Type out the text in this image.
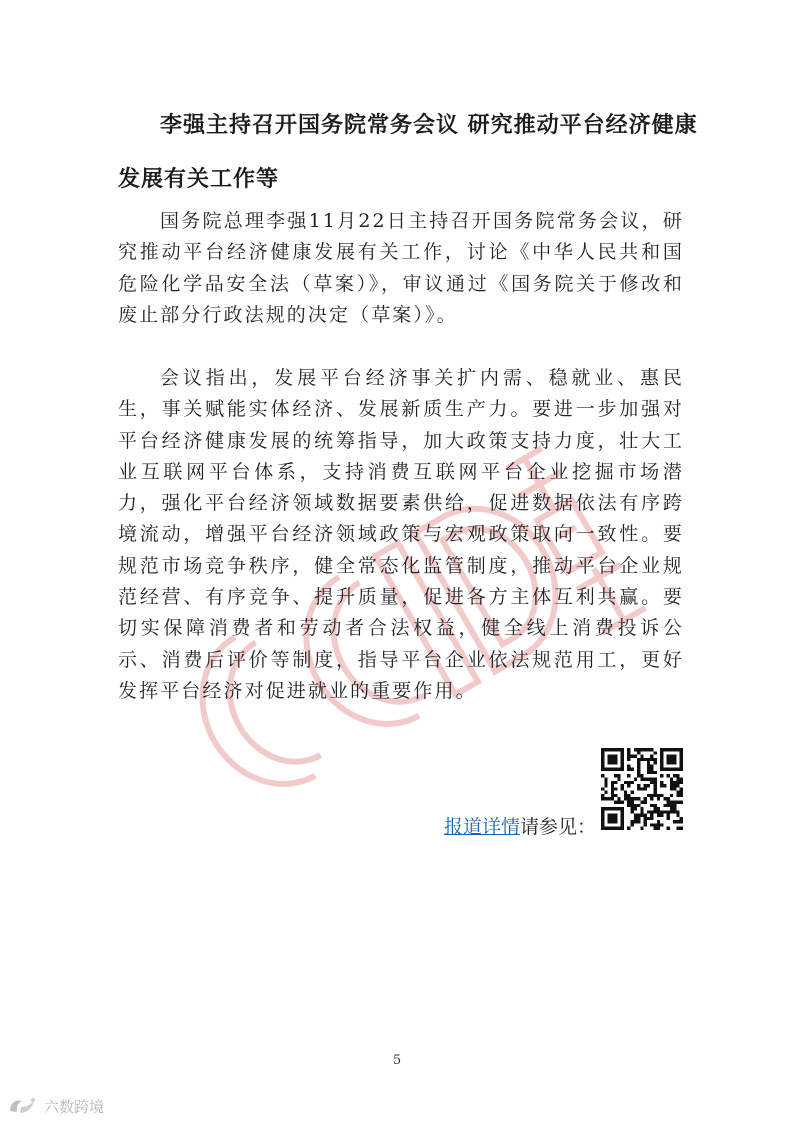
李强主持召开国务院常务会议 研究推动平台经济健康
发展有关工作等

国务院总理李强11月22日主持召开国务院常务会议，研究推动平台经济健康发展有关工作，讨论《中华人民共和国危险化学品安全法（草案）》，审议通过《国务院关于修改和废止部分行政法规的决定（草案）》。

会议指出，发展平台经济事关扩内需、稳就业、惠民生，事关赋能实体经济、发展新质生产力。要进一步加强对平台经济健康发展的统筹指导，加大政策支持力度，壮大工业互联网平台体系，支持消费互联网平台企业挖掘市场潜力，强化平台经济领域数据要素供给，促进数据依法有序跨境流动，增强平台经济领域政策与宏观政策取向一致性。要规范市场竞争秩序，健全常态化监管制度，推动平台企业规范经营、有序竞争、提升质量，促进各方主体互利共赢。要切实保障消费者和劳动者合法权益，健全线上消费投诉公示、消费后评价等制度，指导平台企业依法规范用工，更好发挥平台经济对促进就业的重要作用。

报道详情请参见：
5
六数跨境
